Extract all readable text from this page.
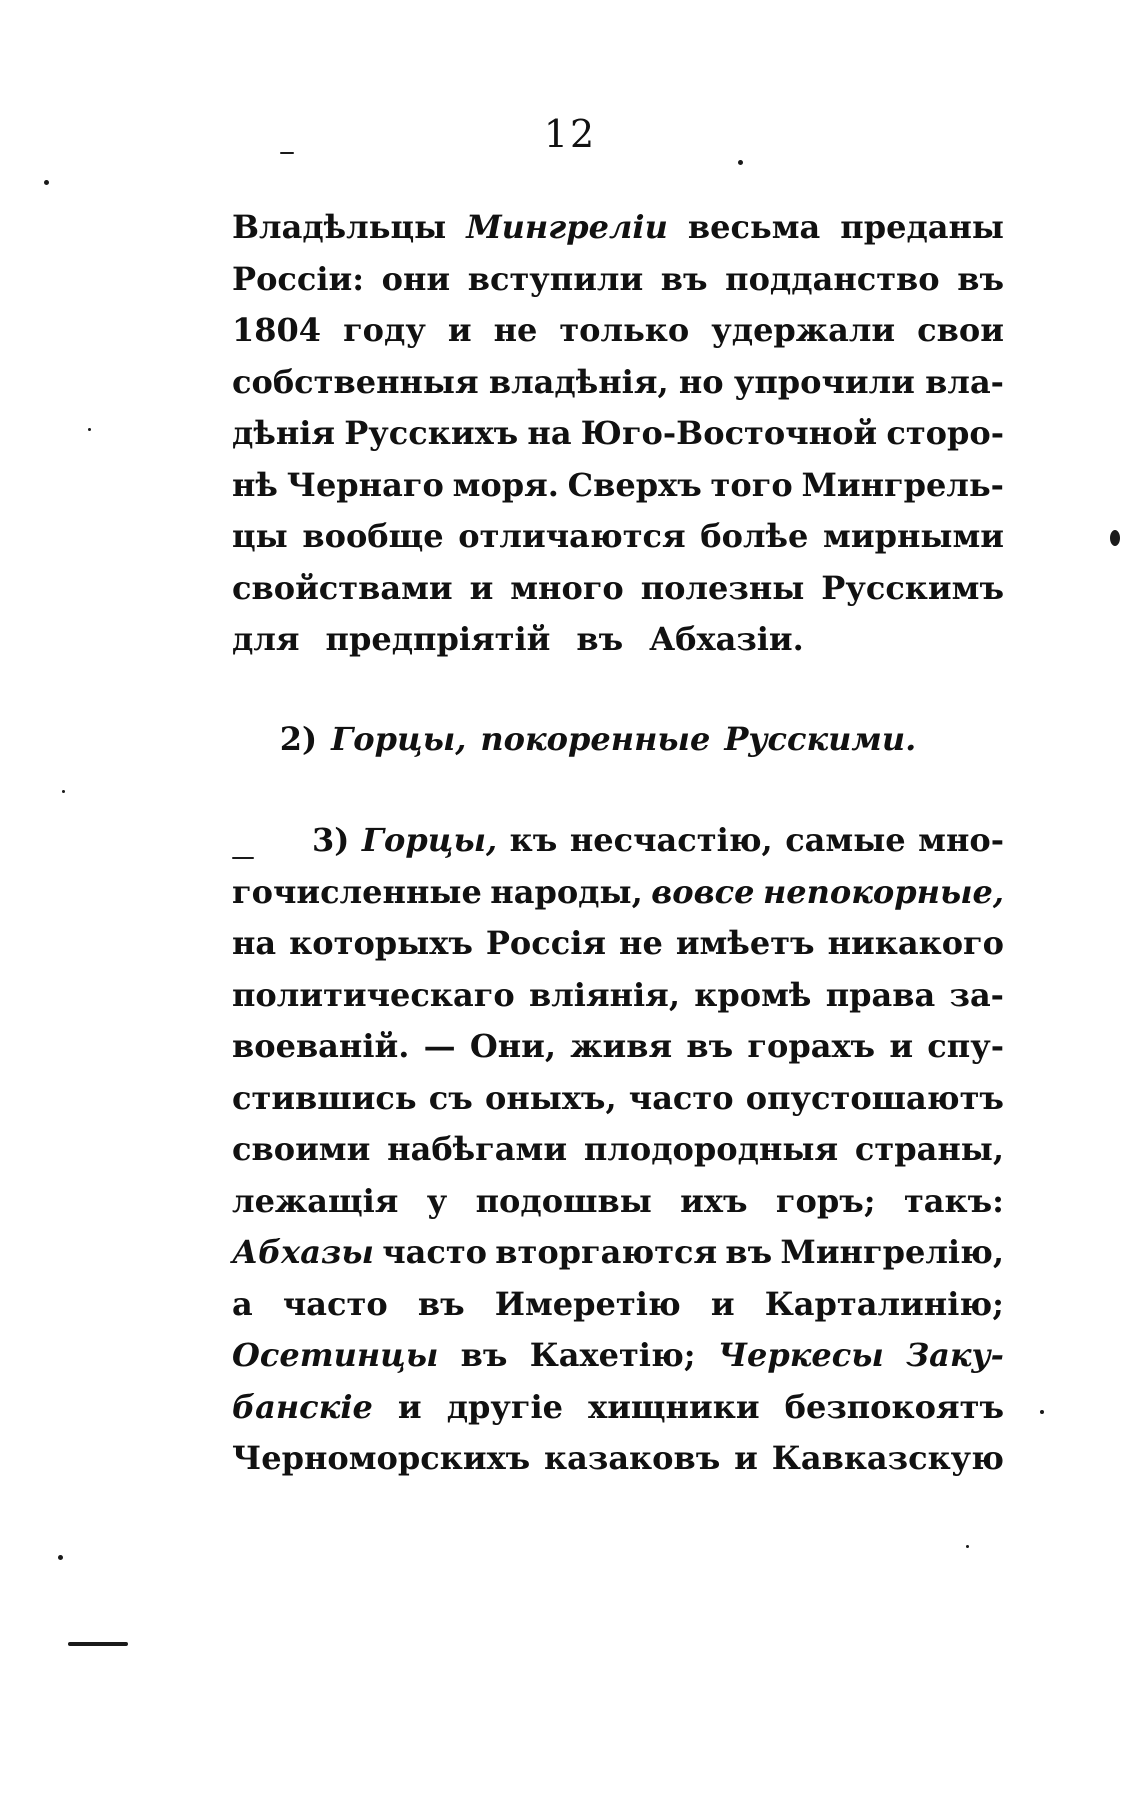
12
Владѣльцы Мингреліи весьма преданы
Россіи: они вступили въ подданство въ
1804 году и не только удержали свои
собственныя владѣнія, но упрочили вла-
дѣнія Русскихъ на Юго-Восточной сторо-
нѣ Чернаго моря. Сверхъ того Мингрель-
цы вообще отличаются болѣе мирными
свойствами и много полезны Русскимъ
для предпріятій въ Абхазіи.
2) Горцы, покоренные Русскими.
3) Горцы, къ несчастію, самые мно-
гочисленные народы, вовсе непокорные,
на которыхъ Россія не имѣетъ никакого
политическаго вліянія, кромѣ права за-
воеваній. — Они, живя въ горахъ и спу-
стившись съ оныхъ, часто опустошаютъ
своими набѣгами плодородныя страны,
лежащія у подошвы ихъ горъ; такъ:
Абхазы часто вторгаются въ Мингрелію,
а часто въ Имеретію и Карталинію;
Осетинцы въ Кахетію; Черкесы Заку-
банскіе и другіе хищники безпокоятъ
Черноморскихъ казаковъ и Кавказскую
